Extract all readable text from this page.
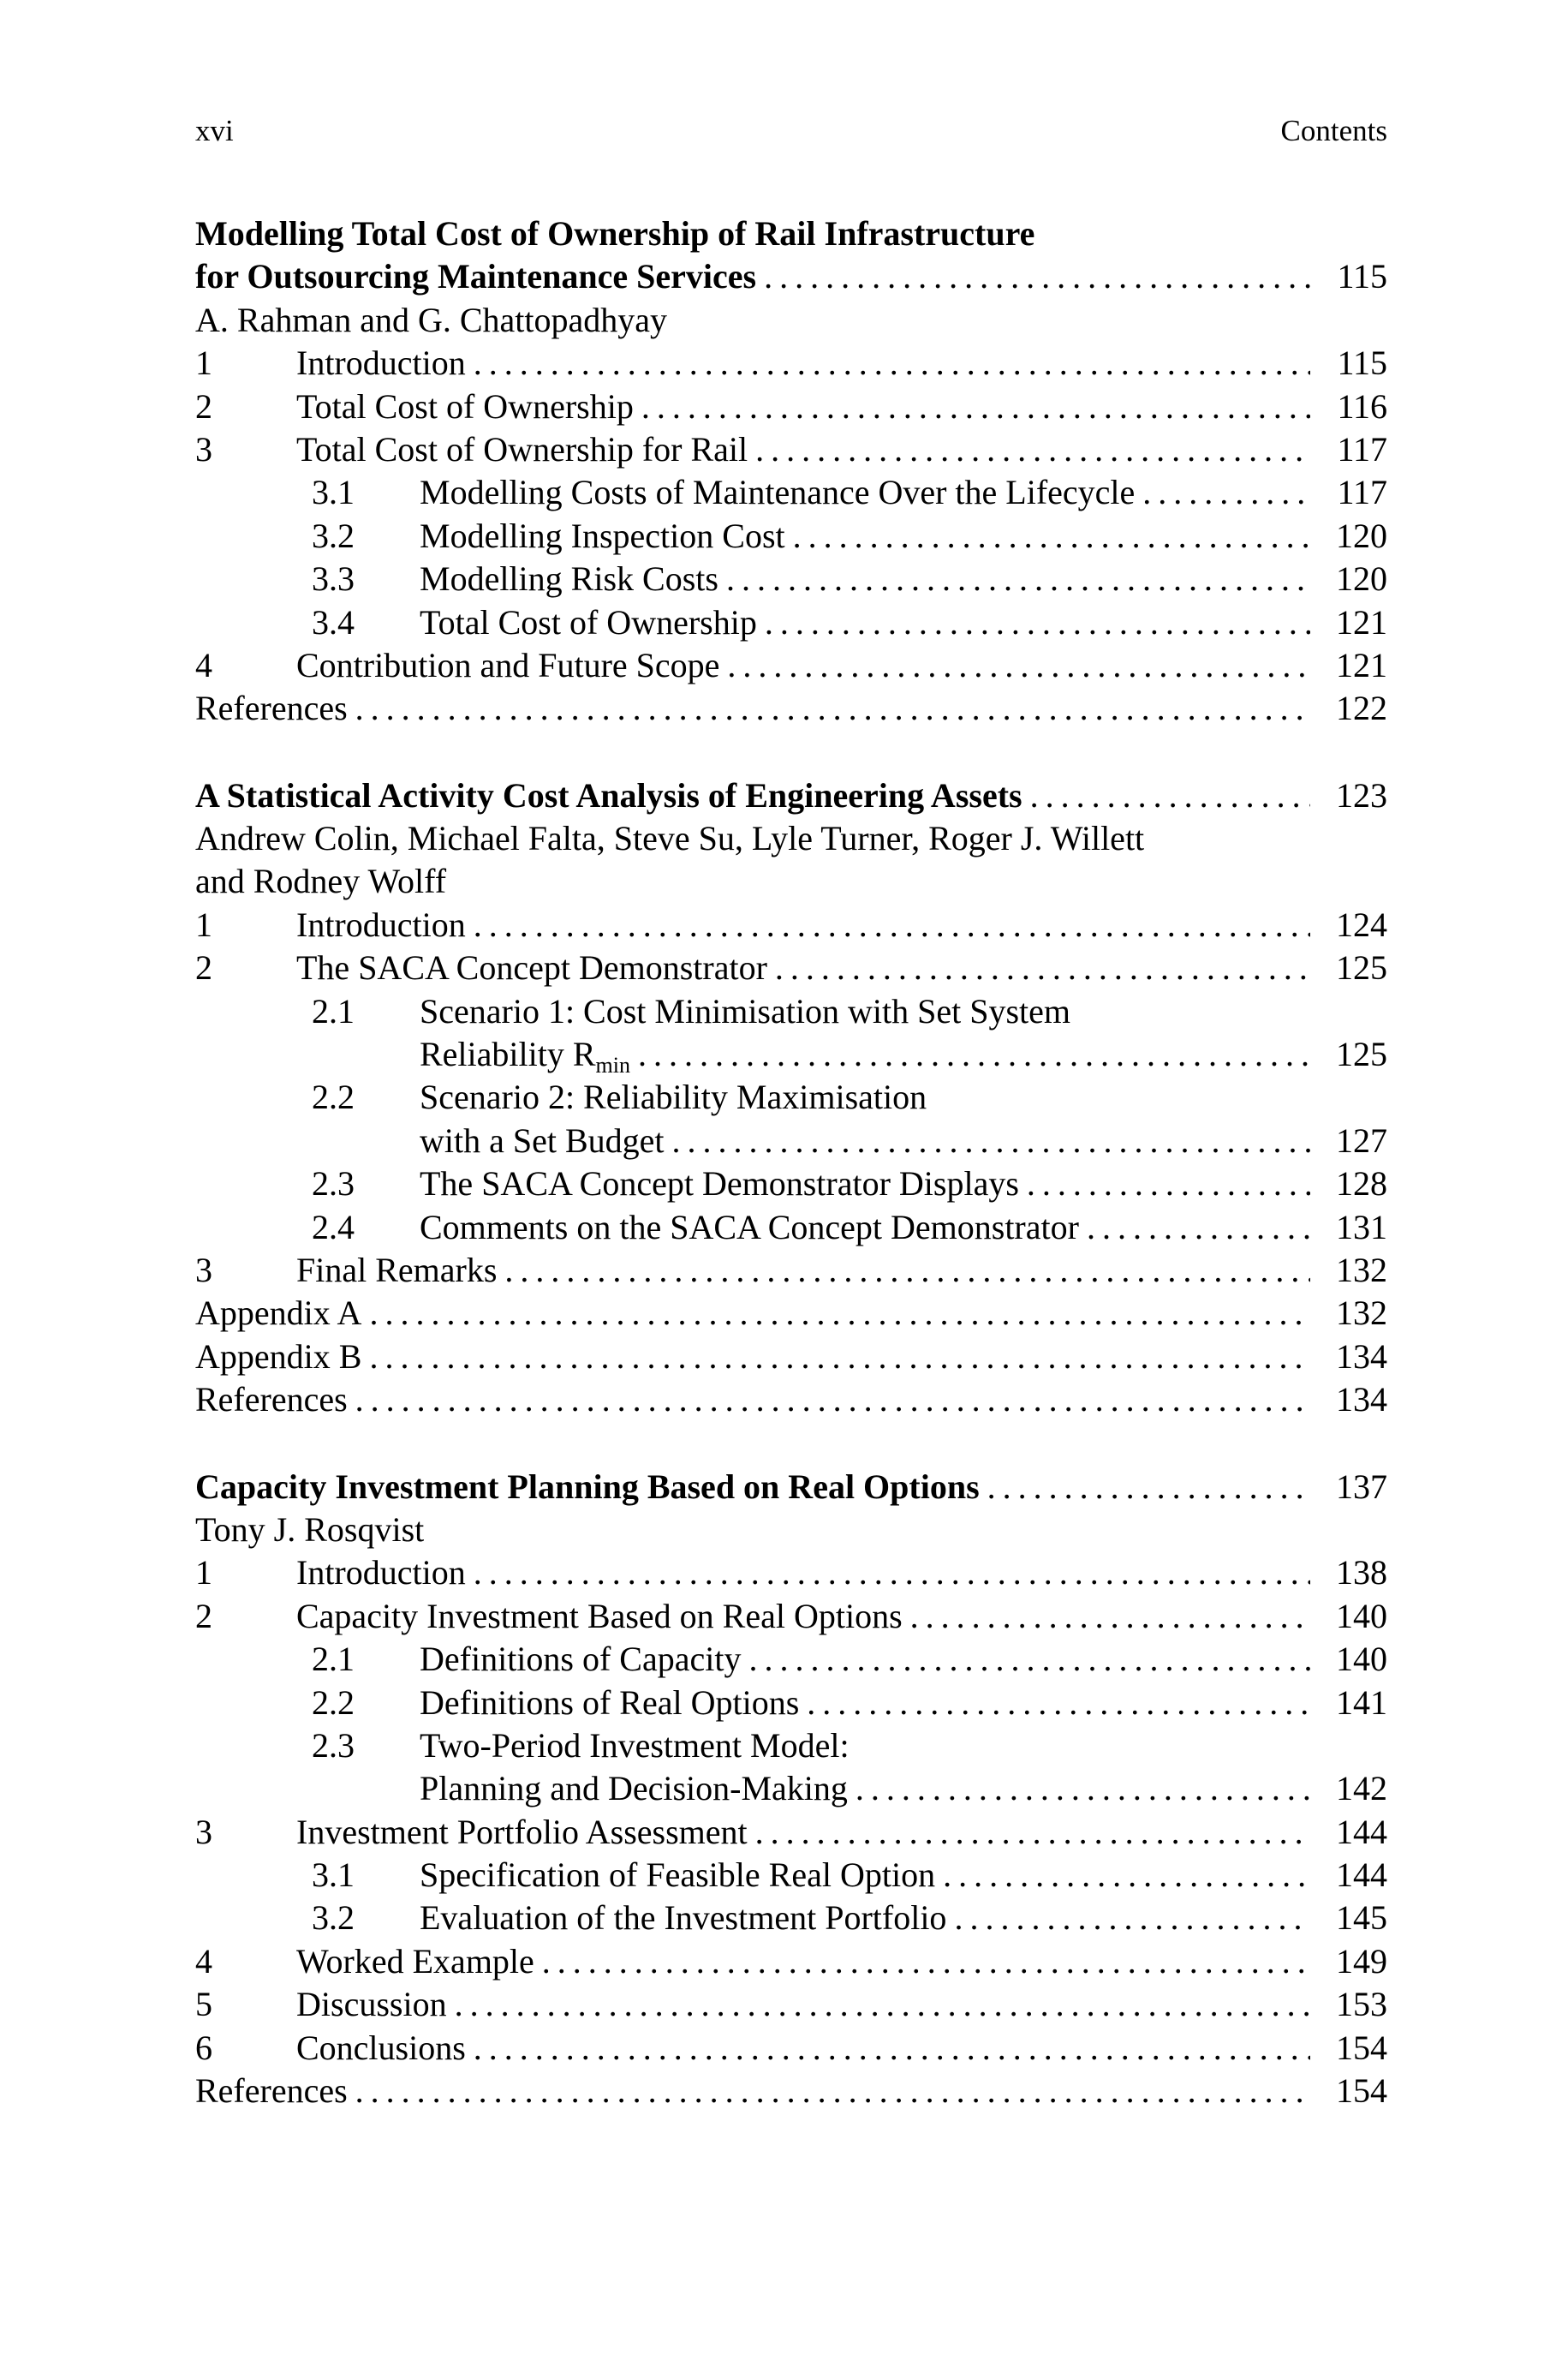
xvi	Contents
Modelling Total Cost of Ownership of Rail Infrastructure
for Outsourcing Maintenance Services . . .	115
A. Rahman and G. Chattopadhyay
1 Introduction . . .	115
2 Total Cost of Ownership . . .	116
3 Total Cost of Ownership for Rail . . .	117
3.1 Modelling Costs of Maintenance Over the Lifecycle . . .	117
3.2 Modelling Inspection Cost . . .	120
3.3 Modelling Risk Costs . . .	120
3.4 Total Cost of Ownership . . .	121
4 Contribution and Future Scope . . .	121
References . . .	122
A Statistical Activity Cost Analysis of Engineering Assets . . .	123
Andrew Colin, Michael Falta, Steve Su, Lyle Turner, Roger J. Willett
and Rodney Wolff
1 Introduction . . .	124
2 The SACA Concept Demonstrator . . .	125
2.1 Scenario 1: Cost Minimisation with Set System
Reliability $R_{min}$ . . .	125
2.2 Scenario 2: Reliability Maximisation
with a Set Budget . . .	127
2.3 The SACA Concept Demonstrator Displays . . .	128
2.4 Comments on the SACA Concept Demonstrator . . .	131
3 Final Remarks . . .	132
Appendix A . . .	132
Appendix B . . .	134
References . . .	134
Capacity Investment Planning Based on Real Options . . .	137
Tony J. Rosqvist
1 Introduction . . .	138
2 Capacity Investment Based on Real Options . . .	140
2.1 Definitions of Capacity . . .	140
2.2 Definitions of Real Options . . .	141
2.3 Two-Period Investment Model:
Planning and Decision-Making . . .	142
3 Investment Portfolio Assessment . . .	144
3.1 Specification of Feasible Real Option . . .	144
3.2 Evaluation of the Investment Portfolio . . .	145
4 Worked Example . . .	149
5 Discussion . . .	153
6 Conclusions . . .	154
References . . .	154
